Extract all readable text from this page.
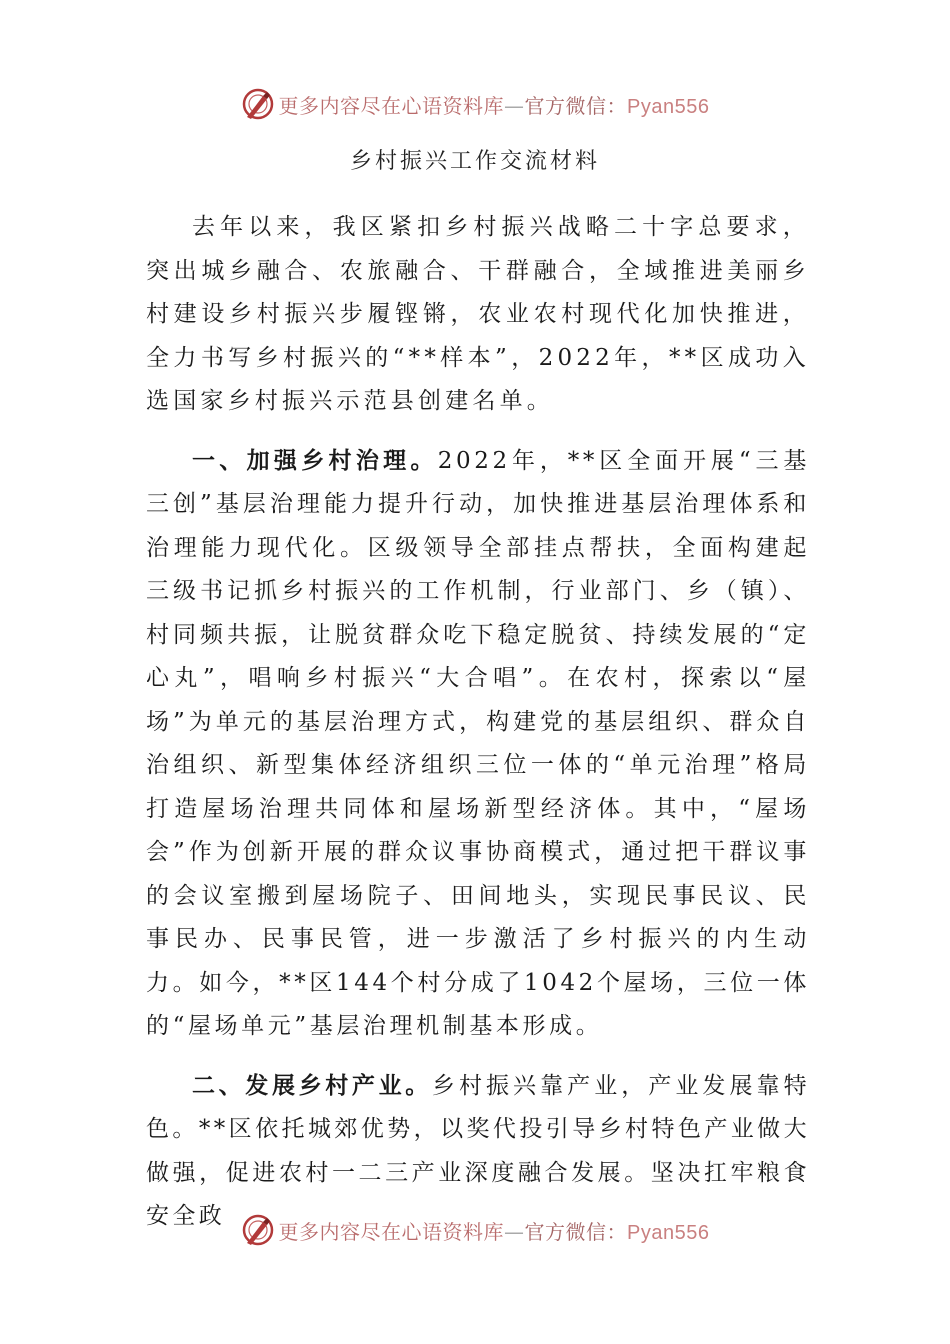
更多内容尽在心语资料库—官方微信：Pyan556
乡村振兴工作交流材料

去年以来，我区紧扣乡村振兴战略二十字总要求，突出城乡融合、农旅融合、干群融合，全域推进美丽乡村建设乡村振兴步履铿锵，农业农村现代化加快推进，全力书写乡村振兴的“**样本”，2022年，**区成功入选国家乡村振兴示范县创建名单。

一、加强乡村治理。2022年，**区全面开展“三基三创”基层治理能力提升行动，加快推进基层治理体系和治理能力现代化。区级领导全部挂点帮扶，全面构建起三级书记抓乡村振兴的工作机制，行业部门、乡（镇）、村同频共振，让脱贫群众吃下稳定脱贫、持续发展的“定心丸”，唱响乡村振兴“大合唱”。在农村，探索以“屋场”为单元的基层治理方式，构建党的基层组织、群众自治组织、新型集体经济组织三位一体的“单元治理”格局打造屋场治理共同体和屋场新型经济体。其中，“屋场会”作为创新开展的群众议事协商模式，通过把干群议事的会议室搬到屋场院子、田间地头，实现民事民议、民事民办、民事民管，进一步激活了乡村振兴的内生动力。如今，**区144个村分成了1042个屋场，三位一体的“屋场单元”基层治理机制基本形成。

二、发展乡村产业。乡村振兴靠产业，产业发展靠特色。**区依托城郊优势，以奖代投引导乡村特色产业做大做强，促进农村一二三产业深度融合发展。坚决扛牢粮食安全政

更多内容尽在心语资料库—官方微信：Pyan556
